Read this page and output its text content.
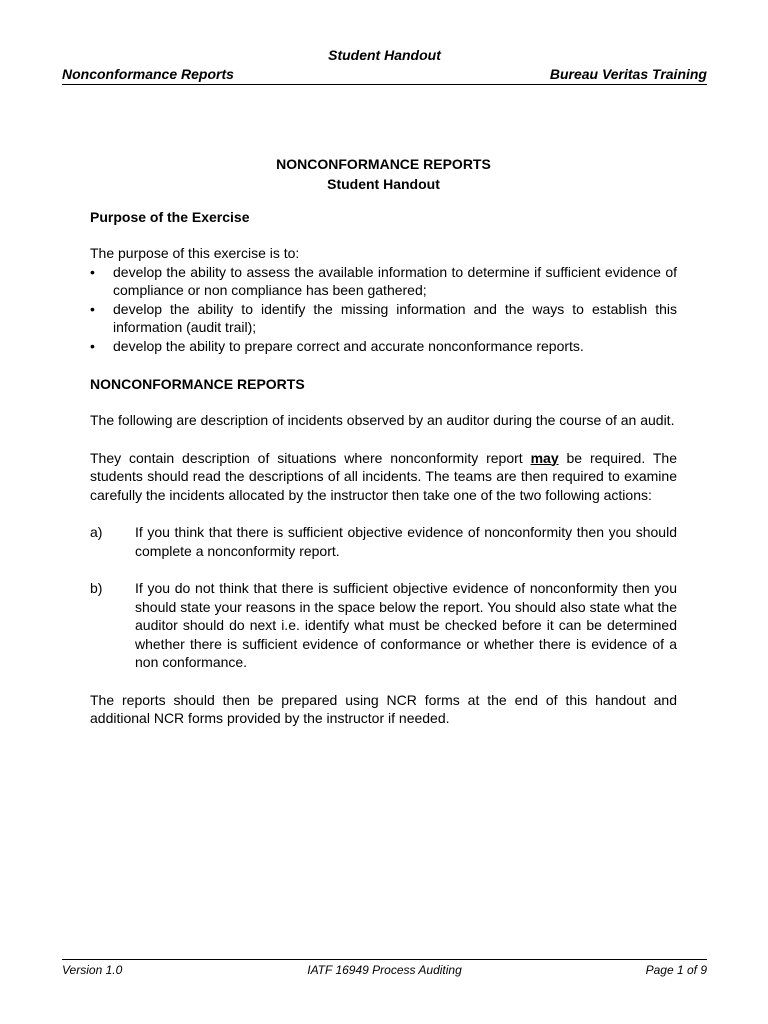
Student Handout
Nonconformance Reports	Bureau Veritas Training
NONCONFORMANCE REPORTS
Student Handout
Purpose of the Exercise

The purpose of this exercise is to:

• develop the ability to assess the available information to determine if sufficient evidence of compliance or non compliance has been gathered;
• develop the ability to identify the missing information and the ways to establish this information (audit trail);
• develop the ability to prepare correct and accurate nonconformance reports.
NONCONFORMANCE REPORTS

The following are description of incidents observed by an auditor during the course of an audit.

They contain description of situations where nonconformity report may be required. The students should read the descriptions of all incidents. The teams are then required to examine carefully the incidents allocated by the instructor then take one of the two following actions:

a)	If you think that there is sufficient objective evidence of nonconformity then you should complete a nonconformity report.
b)	If you do not think that there is sufficient objective evidence of nonconformity then you should state your reasons in the space below the report. You should also state what the auditor should do next i.e. identify what must be checked before it can be determined whether there is sufficient evidence of conformance or whether there is evidence of a non conformance.

The reports should then be prepared using NCR forms at the end of this handout and additional NCR forms provided by the instructor if needed.

Version 1.0	IATF 16949 Process Auditing	Page 1 of 9
